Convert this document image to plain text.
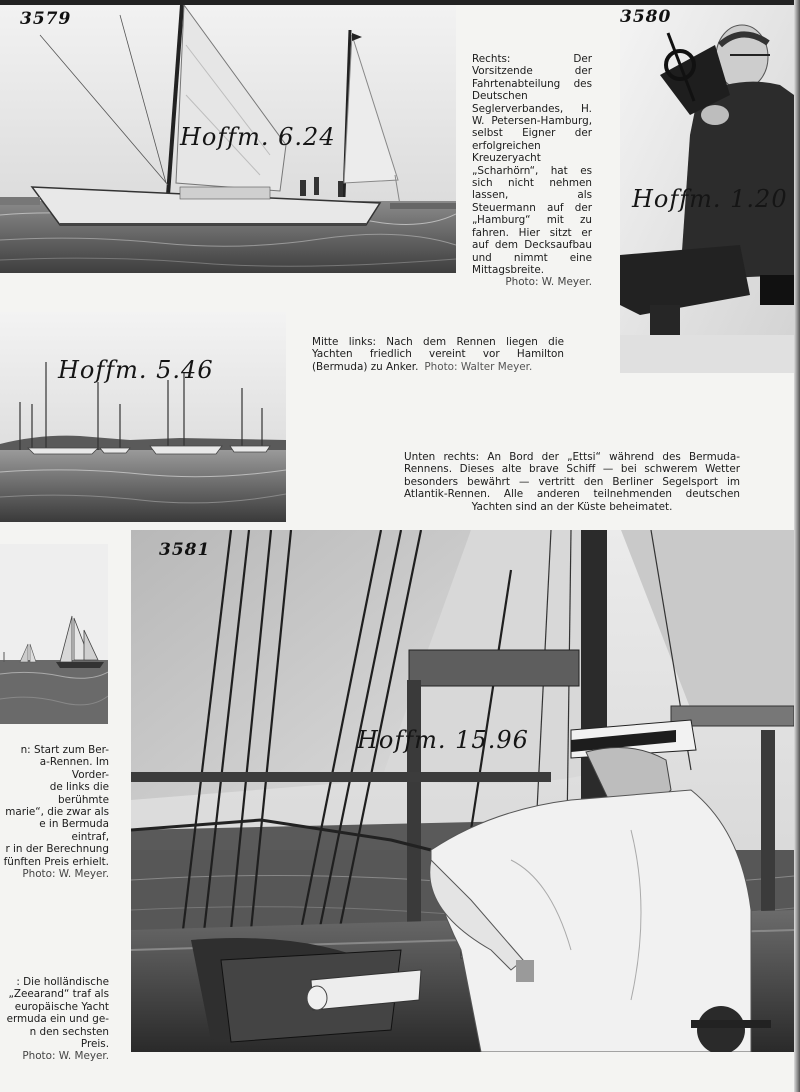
3579
Hoffm. 6.24

Rechts: Der Vorsitzende der Fahrtenabteilung des Deutschen Seglerverbandes, H. W. Petersen-Hamburg, selbst Eigner der erfolgreichen Kreuzeryacht „Scharhörn“, hat es sich nicht nehmen lassen, als Steuermann auf der „Hamburg“ mit zu fahren. Hier sitzt er auf dem Decksaufbau und nimmt eine Mittagsbreite.

Photo: W. Meyer.
3580
Hoffm. 1.20
Hoffm. 5.46

Mitte links: Nach dem Rennen liegen die Yachten friedlich vereint vor Hamilton (Bermuda) zu Anker. Photo: Walter Meyer.

Unten rechts: An Bord der „Ettsi“ während des Bermuda-Rennens. Dieses alte brave Schiff — bei schwerem Wetter besonders bewährt — vertritt den Berliner Segelsport im Atlantik-Rennen. Alle anderen teilnehmenden deutschen Yachten sind an der Küste beheimatet.

n: Start zum Ber-
a-Rennen. Im Vorder-
de links die berühmte
marie“, die zwar als
e in Bermuda eintraf,
r in der Berechnung
fünften Preis erhielt.
Photo: W. Meyer.
: Die holländische
„Zeearand“ traf als
europäische Yacht
ermuda ein und ge-
n den sechsten Preis.
Photo: W. Meyer.
3581
Hoffm. 15.96
